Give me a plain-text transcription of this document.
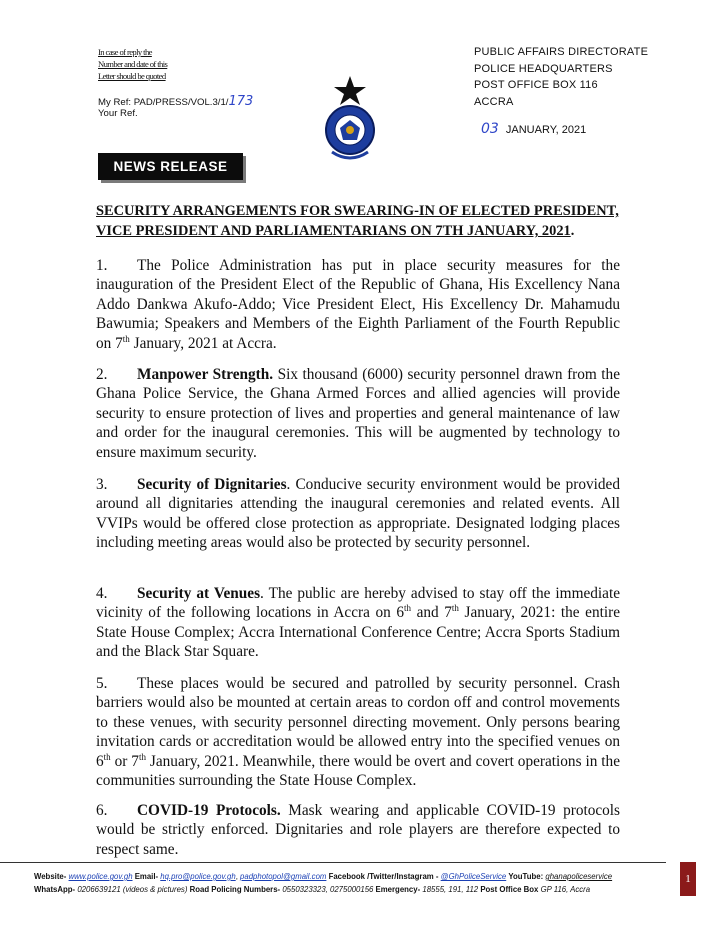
In case of reply the
Number and date of this
Letter should be quoted
My Ref: PAD/PRESS/VOL.3/1/173
Your Ref.
PUBLIC AFFAIRS DIRECTORATE
POLICE HEADQUARTERS
POST OFFICE BOX 116
ACCRA
03 JANUARY, 2021
NEWS RELEASE
SECURITY ARRANGEMENTS FOR SWEARING-IN OF ELECTED PRESIDENT,
VICE PRESIDENT AND PARLIAMENTARIANS ON 7TH JANUARY, 2021.
1. The Police Administration has put in place security measures for the inauguration of the President Elect of the Republic of Ghana, His Excellency Nana Addo Dankwa Akufo-Addo; Vice President Elect, His Excellency Dr. Mahamudu Bawumia; Speakers and Members of the Eighth Parliament of the Fourth Republic on 7th January, 2021 at Accra.
2. Manpower Strength. Six thousand (6000) security personnel drawn from the Ghana Police Service, the Ghana Armed Forces and allied agencies will provide security to ensure protection of lives and properties and general maintenance of law and order for the inaugural ceremonies. This will be augmented by technology to ensure maximum security.
3. Security of Dignitaries. Conducive security environment would be provided around all dignitaries attending the inaugural ceremonies and related events. All VVIPs would be offered close protection as appropriate. Designated lodging places including meeting areas would also be protected by security personnel.
4. Security at Venues. The public are hereby advised to stay off the immediate vicinity of the following locations in Accra on 6th and 7th January, 2021: the entire State House Complex; Accra International Conference Centre; Accra Sports Stadium and the Black Star Square.
5. These places would be secured and patrolled by security personnel. Crash barriers would also be mounted at certain areas to cordon off and control movements to these venues, with security personnel directing movement. Only persons bearing invitation cards or accreditation would be allowed entry into the specified venues on 6th or 7th January, 2021. Meanwhile, there would be overt and covert operations in the communities surrounding the State House Complex.
6. COVID-19 Protocols. Mask wearing and applicable COVID-19 protocols would be strictly enforced. Dignitaries and role players are therefore expected to respect same.
Website- www.police.gov.gh Email- hq.pro@police.gov.gh, padphotopol@gmail.com Facebook /Twitter/Instagram - @GhPoliceService YouTube: ghanapoliceservice
WhatsApp- 0206639121 (videos & pictures) Road Policing Numbers- 0550323323, 0275000156 Emergency- 18555, 191, 112 Post Office Box GP 116, Accra
1
